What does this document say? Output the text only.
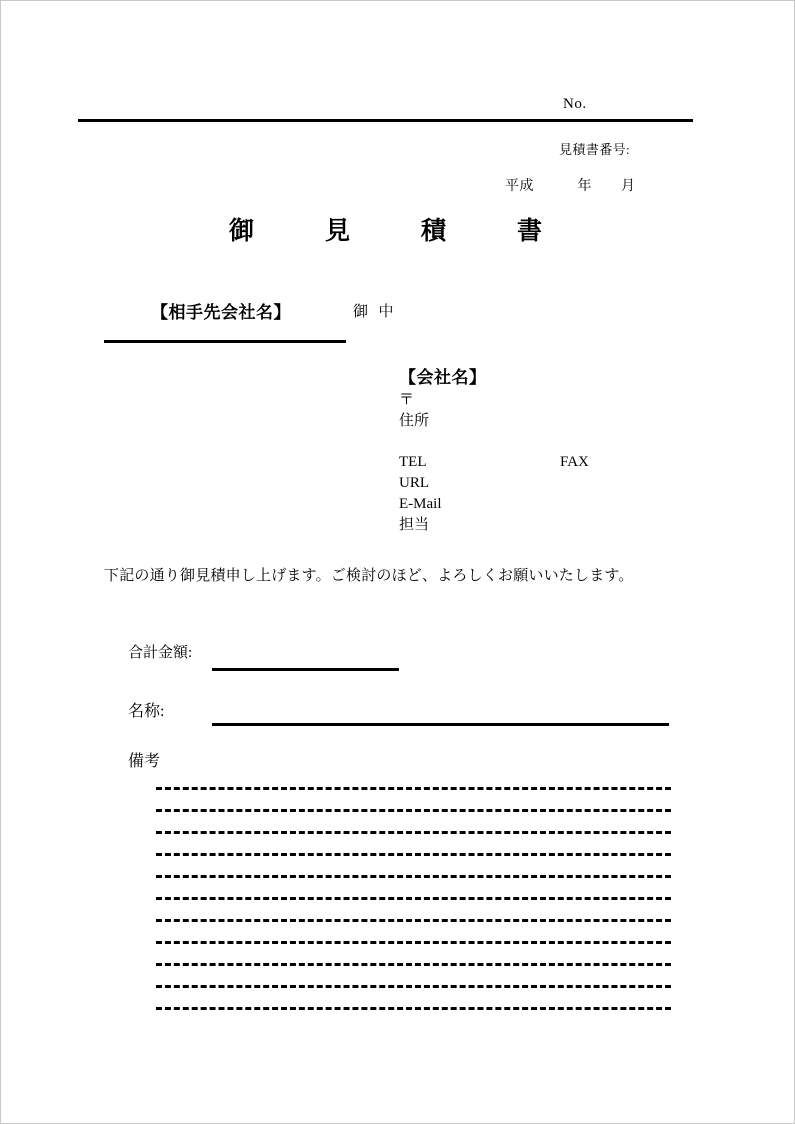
No.
見積書番号:
平成　　　年　　月
御見積書
【相手先会社名】	御  中
【会社名】
〒
住所
TEL	FAX
URL
E-Mail
担当
下記の通り御見積申し上げます。ご検討のほど、よろしくお願いいたします。
合計金額:
名称:
備考
